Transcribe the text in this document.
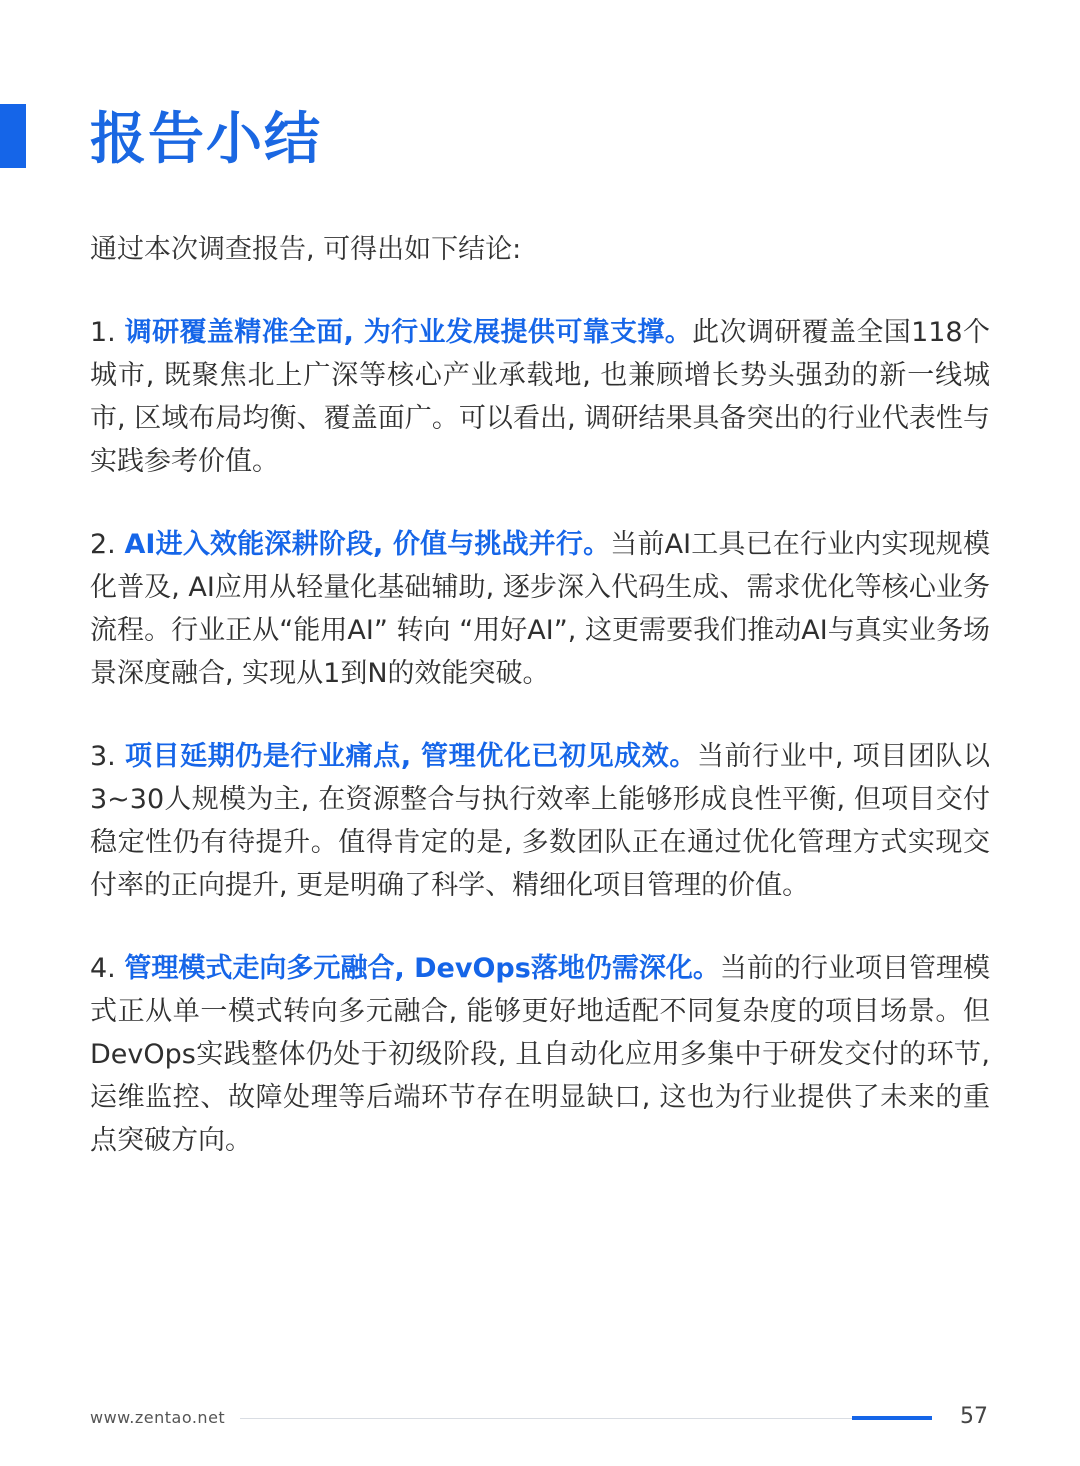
报告小结

通过本次调查报告, 可得出如下结论:

1. 调研覆盖精准全面, 为行业发展提供可靠支撑。此次调研覆盖全国118个城市, 既聚焦北上广深等核心产业承载地, 也兼顾增长势头强劲的新一线城市, 区域布局均衡、覆盖面广。可以看出, 调研结果具备突出的行业代表性与实践参考价值。

2. AI进入效能深耕阶段, 价值与挑战并行。当前AI工具已在行业内实现规模化普及, AI应用从轻量化基础辅助, 逐步深入代码生成、需求优化等核心业务流程。行业正从“能用AI” 转向 “用好AI”, 这更需要我们推动AI与真实业务场景深度融合, 实现从1到N的效能突破。

3. 项目延期仍是行业痛点, 管理优化已初见成效。当前行业中, 项目团队以3~30人规模为主, 在资源整合与执行效率上能够形成良性平衡, 但项目交付稳定性仍有待提升。值得肯定的是, 多数团队正在通过优化管理方式实现交付率的正向提升, 更是明确了科学、精细化项目管理的价值。

4. 管理模式走向多元融合, DevOps落地仍需深化。当前的行业项目管理模式正从单一模式转向多元融合, 能够更好地适配不同复杂度的项目场景。但DevOps实践整体仍处于初级阶段, 且自动化应用多集中于研发交付的环节, 运维监控、故障处理等后端环节存在明显缺口, 这也为行业提供了未来的重点突破方向。

www.zentao.net	57
